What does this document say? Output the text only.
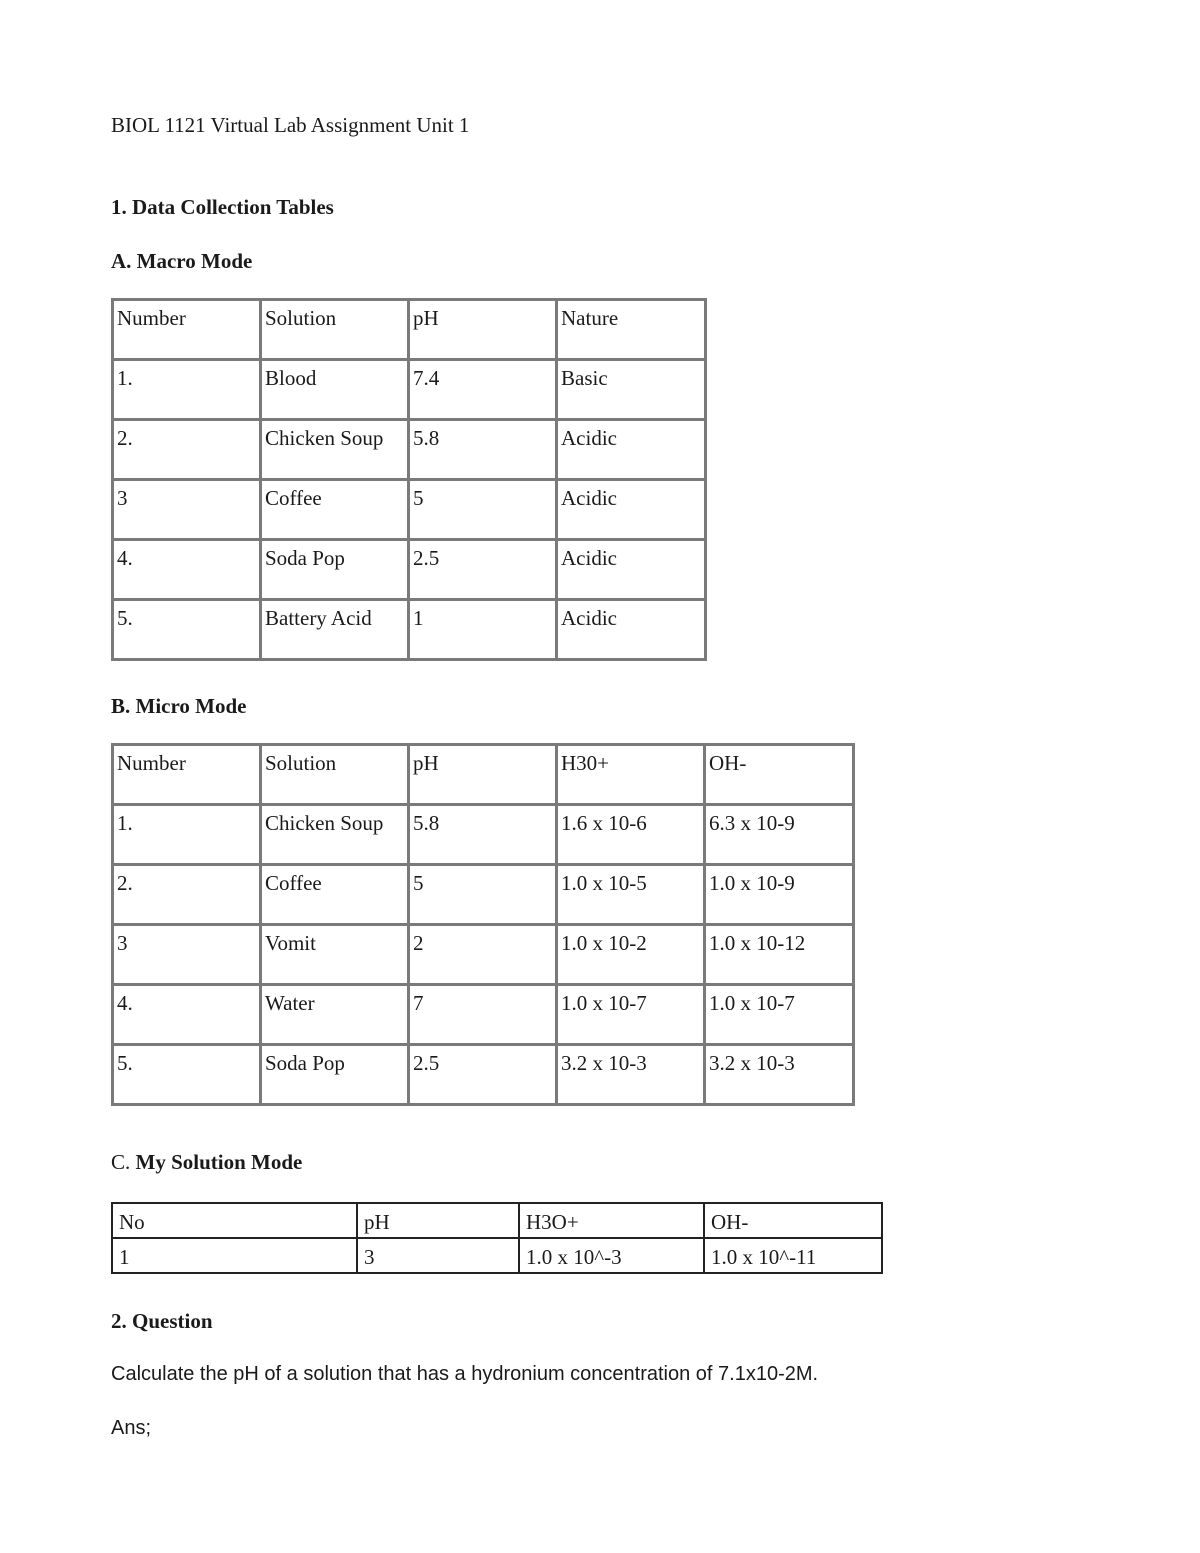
BIOL 1121 Virtual Lab Assignment Unit 1
1. Data Collection Tables
A. Macro Mode
Number	Solution	pH	Nature
1.	Blood	7.4	Basic
2.	Chicken Soup	5.8	Acidic
3	Coffee	5	Acidic
4.	Soda Pop	2.5	Acidic
5.	Battery Acid	1	Acidic
B. Micro Mode
Number	Solution	pH	H30+	OH-
1.	Chicken Soup	5.8	1.6 x 10-6	6.3 x 10-9
2.	Coffee	5	1.0 x 10-5	1.0 x 10-9
3	Vomit	2	1.0 x 10-2	1.0 x 10-12
4.	Water	7	1.0 x 10-7	1.0 x 10-7
5.	Soda Pop	2.5	3.2 x 10-3	3.2 x 10-3
C. My Solution Mode
No	pH	H3O+	OH-
1	3	1.0 x 10^-3	1.0 x 10^-11
2. Question
Calculate the pH of a solution that has a hydronium concentration of 7.1x10-2M.
Ans;
